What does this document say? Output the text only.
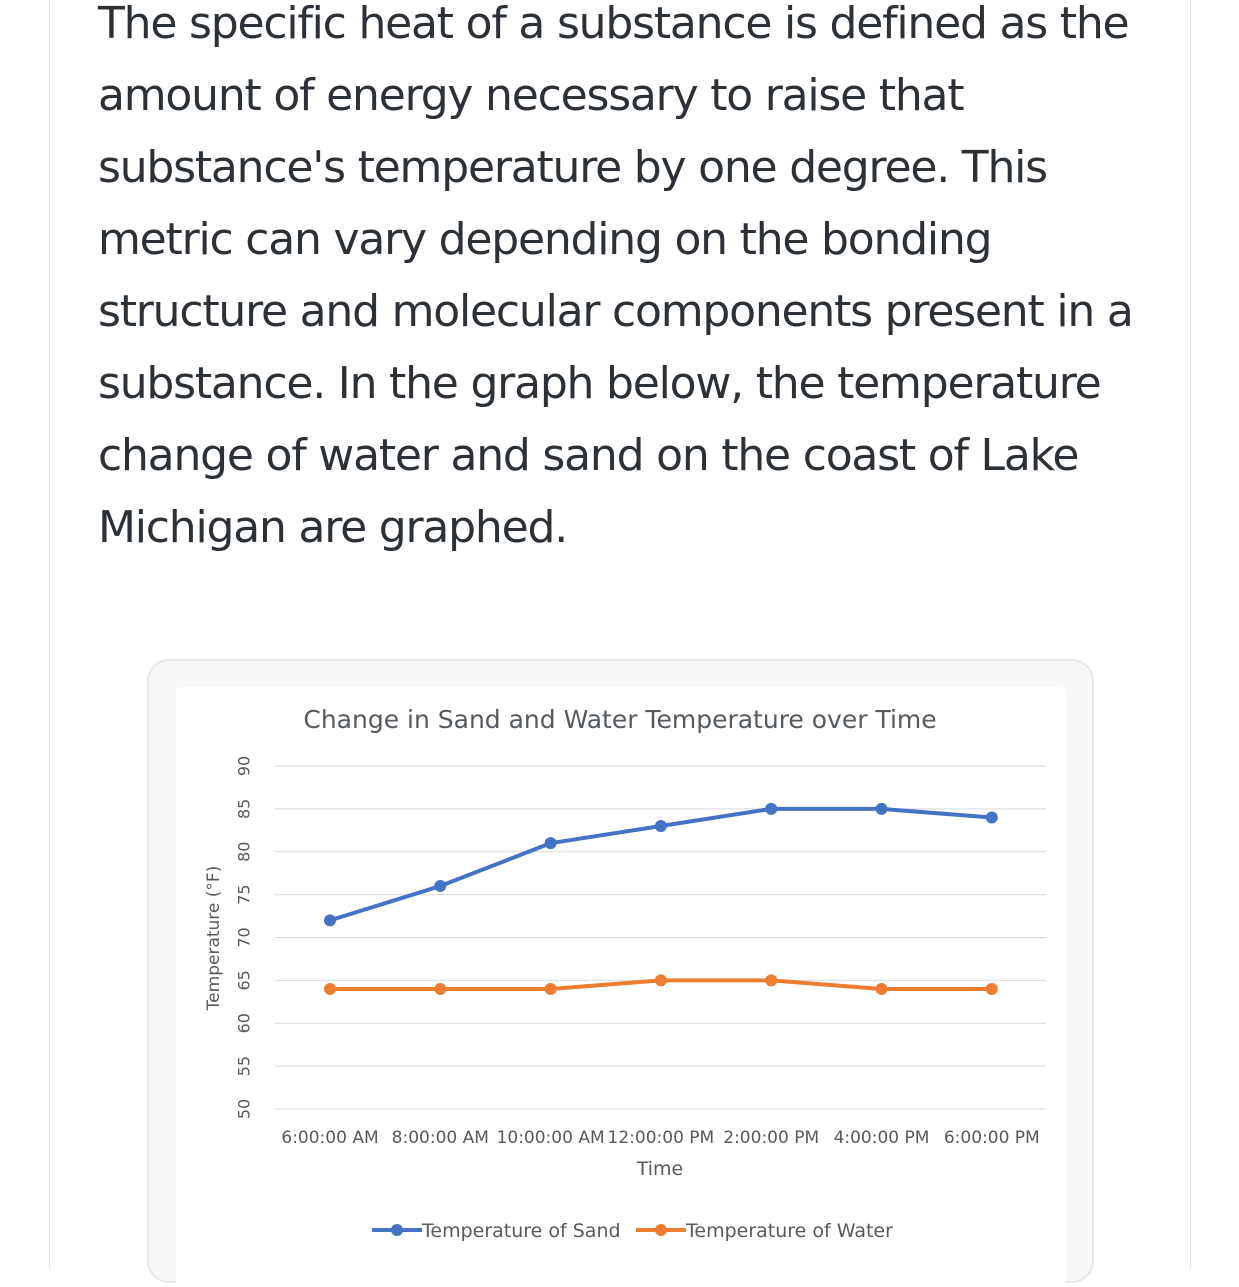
The specific heat of a substance is defined as the amount of energy necessary to raise that substance's temperature by one degree. This metric can vary depending on the bonding structure and molecular components present in a substance. In the graph below, the temperature change of water and sand on the coast of Lake Michigan are graphed.

Change in Sand and Water Temperature over Time
50
55
60
65
70
75
80
85
90
6:00:00 AM 8:00:00 AM 10:00:00 AM 12:00:00 PM 2:00:00 PM 4:00:00 PM 6:00:00 PM
Temperature (°F)
Time
Temperature of Sand	Temperature of Water
